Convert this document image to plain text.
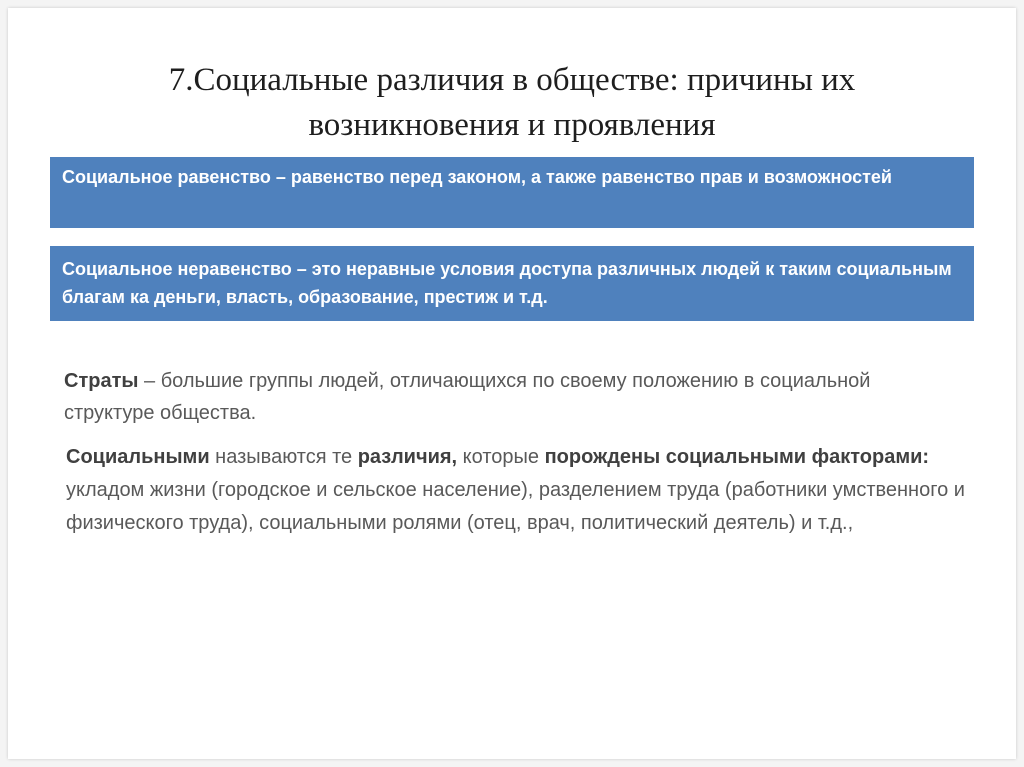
7.Социальные различия в обществе: причины их
возникновения и проявления
Социальное равенство – равенство перед законом, а также равенство прав и возможностей
Социальное неравенство – это неравные условия доступа различных людей к таким социальным благам ка деньги, власть, образование, престиж и т.д.
Страты – большие группы людей, отличающихся по своему положению в социальной структуре общества.
Социальными называются те различия, которые порождены социальными факторами: укладом жизни (городское и сельское население), разделением труда (работники умственного и физического труда), социальными ролями (отец, врач, политический деятель) и т.д.,
